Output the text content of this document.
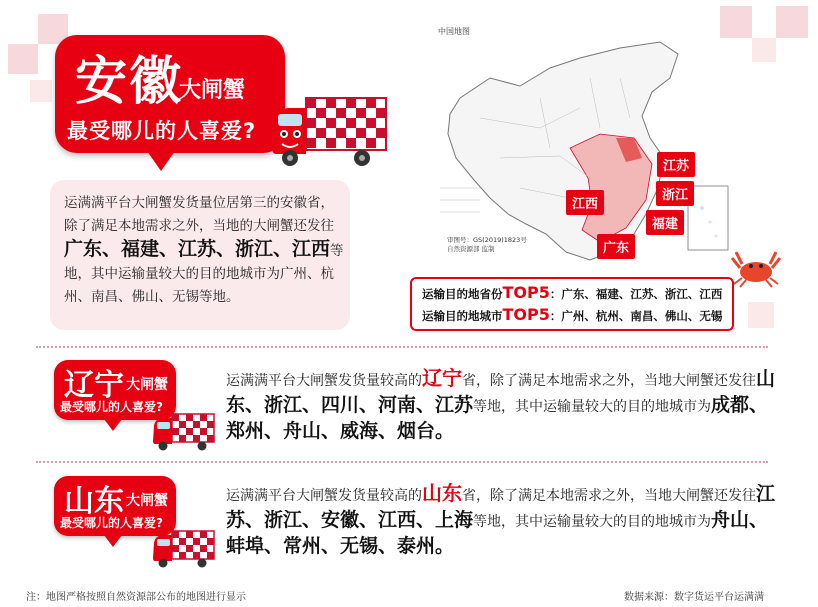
安徽
大闸蟹
最受哪儿的人喜爱?
运满满平台大闸蟹发货量位居第三的安徽省，除了满足本地需求之外，当地的大闸蟹还发往广东、福建、江苏、浙江、江西等地，其中运输量较大的目的地城市为广州、杭州、南昌、佛山、无锡等地。
中国地图
审图号：GS(2019)1823号
自然资源部 监制
江苏
江西
浙江
福建
广东
运输目的地省份TOP5：广东、福建、江苏、浙江、江西
运输目的地城市TOP5：广州、杭州、南昌、佛山、无锡
辽宁 大闸蟹
最受哪儿的人喜爱?
运满满平台大闸蟹发货量较高的辽宁省，除了满足本地需求之外，当地大闸蟹还发往山东、浙江、四川、河南、江苏等地，其中运输量较大的目的地城市为成都、郑州、舟山、威海、烟台。
山东 大闸蟹
最受哪儿的人喜爱?
运满满平台大闸蟹发货量较高的山东省，除了满足本地需求之外，当地大闸蟹还发往江苏、浙江、安徽、江西、上海等地，其中运输量较大的目的地城市为舟山、蚌埠、常州、无锡、泰州。
注：地图严格按照自然资源部公布的地图进行显示	数据来源：数字货运平台运满满
